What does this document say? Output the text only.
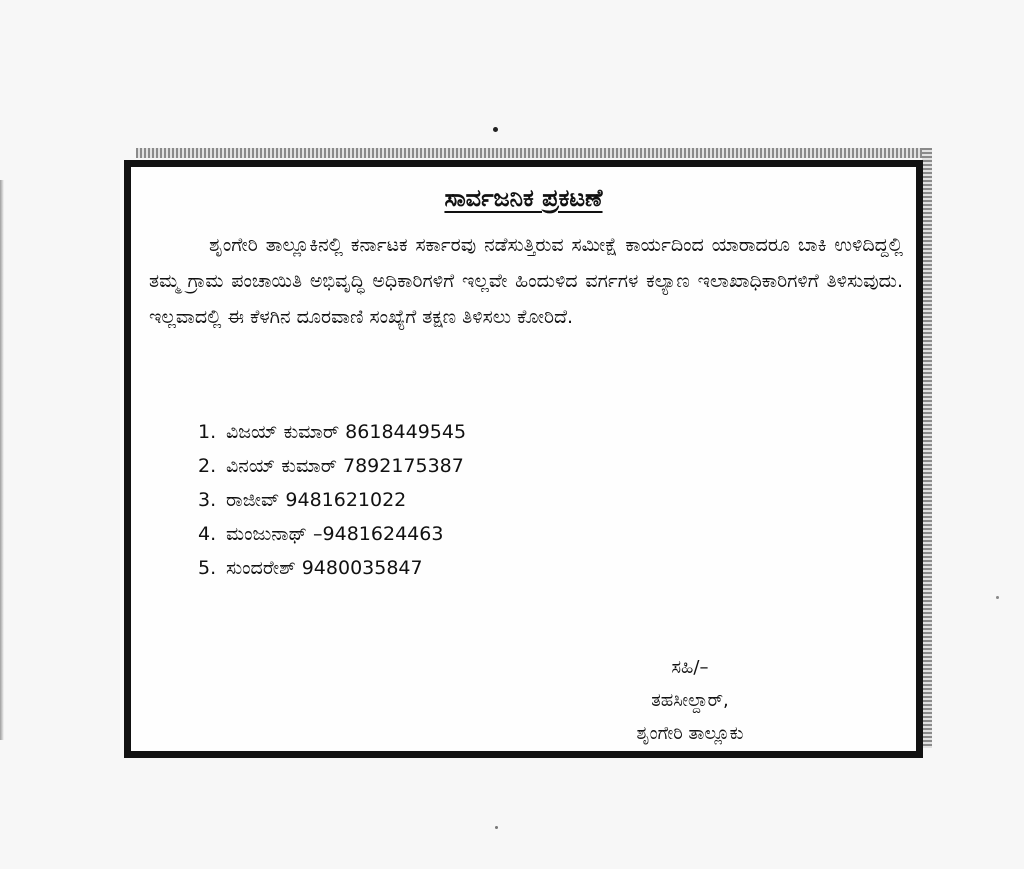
ಸಾರ್ವಜನಿಕ ಪ್ರಕಟಣೆ

ಶೃಂಗೇರಿ ತಾಲ್ಲೂಕಿನಲ್ಲಿ ಕರ್ನಾಟಕ ಸರ್ಕಾರವು ನಡೆಸುತ್ತಿರುವ ಸಮೀಕ್ಷೆ ಕಾರ್ಯದಿಂದ ಯಾರಾದರೂ ಬಾಕಿ ಉಳಿದಿದ್ದಲ್ಲಿ ತಮ್ಮ ಗ್ರಾಮ ಪಂಚಾಯಿತಿ ಅಭಿವೃದ್ಧಿ ಅಧಿಕಾರಿಗಳಿಗೆ ಇಲ್ಲವೇ ಹಿಂದುಳಿದ ವರ್ಗಗಳ ಕಲ್ಯಾಣ ಇಲಾಖಾಧಿಕಾರಿಗಳಿಗೆ ತಿಳಿಸುವುದು. ಇಲ್ಲವಾದಲ್ಲಿ ಈ ಕೆಳಗಿನ ದೂರವಾಣಿ ಸಂಖ್ಯೆಗೆ ತಕ್ಷಣ ತಿಳಿಸಲು ಕೋರಿದೆ.

1. ವಿಜಯ್ ಕುಮಾರ್ 8618449545
2. ವಿನಯ್ ಕುಮಾರ್ 7892175387
3. ರಾಜೀವ್ 9481621022
4. ಮಂಜುನಾಥ್ –9481624463
5. ಸುಂದರೇಶ್ 9480035847
ಸಹಿ/–
ತಹಸೀಲ್ದಾರ್,
ಶೃಂಗೇರಿ ತಾಲ್ಲೂಕು
